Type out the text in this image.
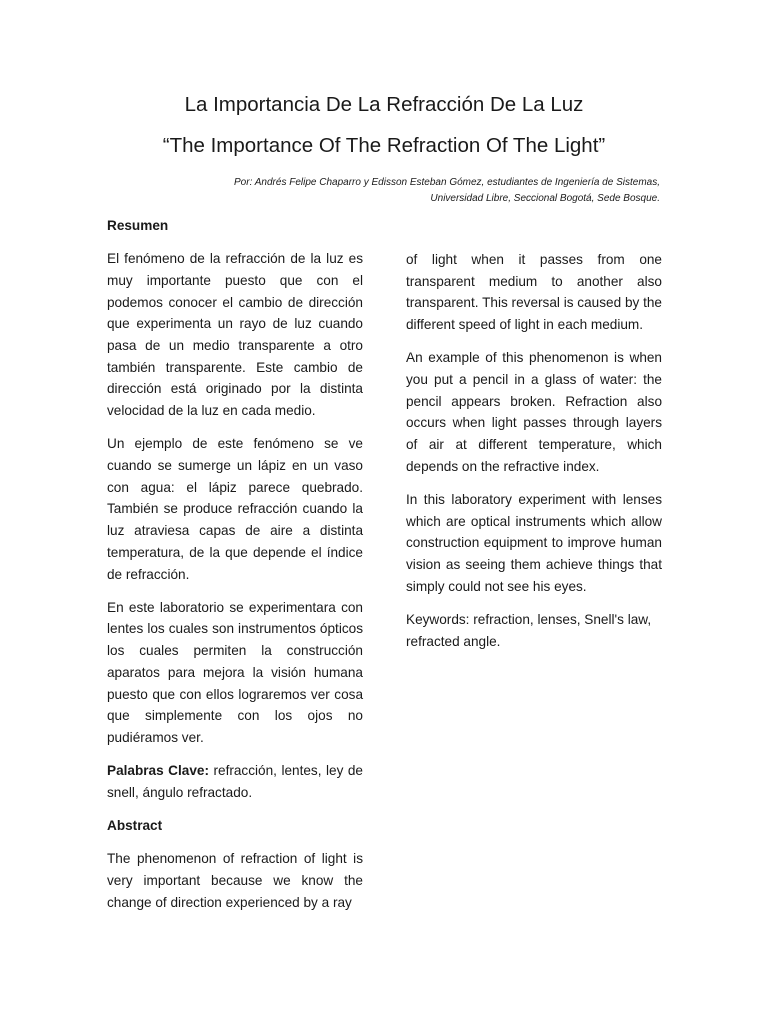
La Importancia De La Refracción De La Luz
“The Importance Of The Refraction Of The Light”
Por: Andrés Felipe Chaparro y Edisson Esteban Gómez, estudiantes de Ingeniería de Sistemas,
Universidad Libre, Seccional Bogotá, Sede Bosque.
Resumen

El fenómeno de la refracción de la luz es muy importante puesto que con el podemos conocer el cambio de dirección que experimenta un rayo de luz cuando pasa de un medio transparente a otro también transparente. Este cambio de dirección está originado por la distinta velocidad de la luz en cada medio.

Un ejemplo de este fenómeno se ve cuando se sumerge un lápiz en un vaso con agua: el lápiz parece quebrado. También se produce refracción cuando la luz atraviesa capas de aire a distinta temperatura, de la que depende el índice de refracción.

En este laboratorio se experimentara con lentes los cuales son instrumentos ópticos los cuales permiten la construcción aparatos para mejora la visión humana puesto que con ellos lograremos ver cosa que simplemente con los ojos no pudiéramos ver.

Palabras Clave: refracción, lentes, ley de snell, ángulo refractado.

Abstract

The phenomenon of refraction of light is very important because we know the change of direction experienced by a ray

of light when it passes from one transparent medium to another also transparent. This reversal is caused by the different speed of light in each medium.

An example of this phenomenon is when you put a pencil in a glass of water: the pencil appears broken. Refraction also occurs when light passes through layers of air at different temperature, which depends on the refractive index.

In this laboratory experiment with lenses which are optical instruments which allow construction equipment to improve human vision as seeing them achieve things that simply could not see his eyes.

Keywords: refraction, lenses, Snell's law, refracted angle.
